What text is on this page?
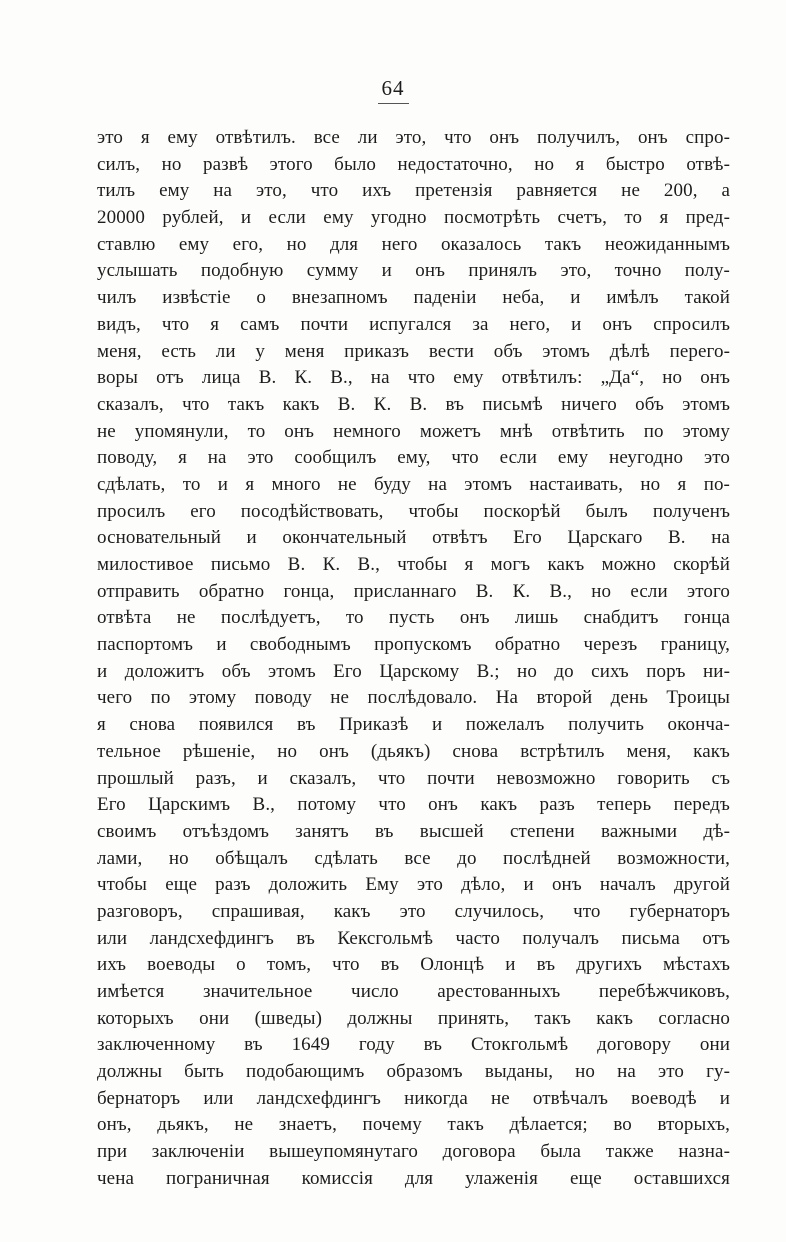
64
это я ему отвѣтилъ. все ли это, что онъ получилъ, онъ спро-
силъ, но развѣ этого было недостаточно, но я быстро отвѣ-
тилъ ему на это, что ихъ претензія равняется не 200, а
20000 рублей, и если ему угодно посмотрѣть счетъ, то я пред-
ставлю ему его, но для него оказалось такъ неожиданнымъ
услышать подобную сумму и онъ принялъ это, точно полу-
чилъ извѣстіе о внезапномъ паденіи неба, и имѣлъ такой
видъ, что я самъ почти испугался за него, и онъ спросилъ
меня, есть ли у меня приказъ вести объ этомъ дѣлѣ перего-
воры отъ лица В. К. В., на что ему отвѣтилъ: „Да“, но онъ
сказалъ, что такъ какъ В. К. В. въ письмѣ ничего объ этомъ
не упомянули, то онъ немного можетъ мнѣ отвѣтить по этому
поводу, я на это сообщилъ ему, что если ему неугодно это
сдѣлать, то и я много не буду на этомъ настаивать, но я по-
просилъ его посодѣйствовать, чтобы поскорѣй былъ полученъ
основательный и окончательный отвѣтъ Его Царскаго В. на
милостивое письмо В. К. В., чтобы я могъ какъ можно скорѣй
отправить обратно гонца, присланнаго В. К. В., но если этого
отвѣта не послѣдуетъ, то пусть онъ лишь снабдитъ гонца
паспортомъ и свободнымъ пропускомъ обратно черезъ границу,
и доложитъ объ этомъ Его Царскому В.; но до сихъ поръ ни-
чего по этому поводу не послѣдовало. На второй день Троицы
я снова появился въ Приказѣ и пожелалъ получить оконча-
тельное рѣшеніе, но онъ (дьякъ) снова встрѣтилъ меня, какъ
прошлый разъ, и сказалъ, что почти невозможно говорить съ
Его Царскимъ В., потому что онъ какъ разъ теперь передъ
своимъ отъѣздомъ занятъ въ высшей степени важными дѣ-
лами, но обѣщалъ сдѣлать все до послѣдней возможности,
чтобы еще разъ доложить Ему это дѣло, и онъ началъ другой
разговоръ, спрашивая, какъ это случилось, что губернаторъ
или ландсхефдингъ въ Кексгольмѣ часто получалъ письма отъ
ихъ воеводы о томъ, что въ Олонцѣ и въ другихъ мѣстахъ
имѣется значительное число арестованныхъ перебѣжчиковъ,
которыхъ они (шведы) должны принять, такъ какъ согласно
заключенному въ 1649 году въ Стокгольмѣ договору они
должны быть подобающимъ образомъ выданы, но на это гу-
бернаторъ или ландсхефдингъ никогда не отвѣчалъ воеводѣ и
онъ, дьякъ, не знаетъ, почему такъ дѣлается; во вторыхъ,
при заключеніи вышеупомянутаго договора была также назна-
чена пограничная комиссія для улаженія еще оставшихся
